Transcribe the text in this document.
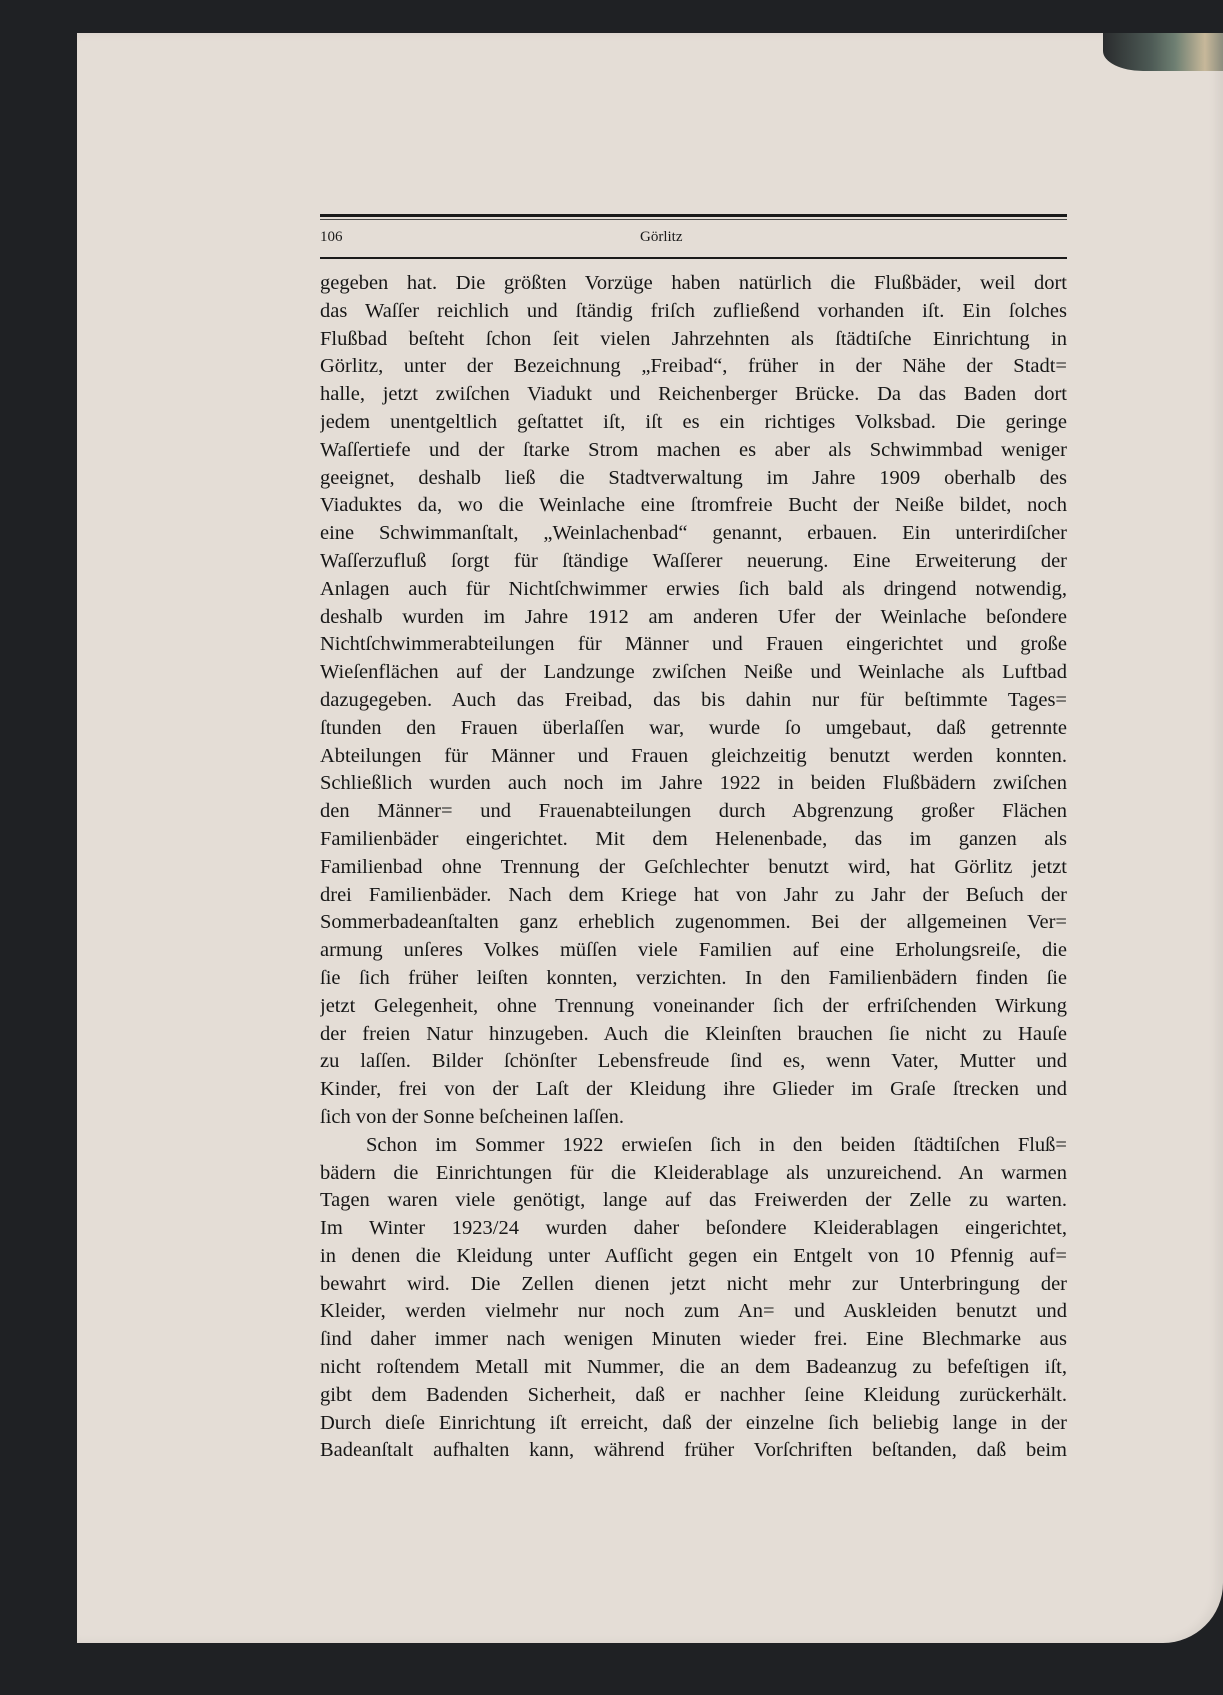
106	Görlitz
gegeben hat. Die größten Vorzüge haben natürlich die Flußbäder, weil dort
das Waſſer reichlich und ſtändig friſch zufließend vorhanden iſt. Ein ſolches
Flußbad beſteht ſchon ſeit vielen Jahrzehnten als ſtädtiſche Einrichtung in
Görlitz, unter der Bezeichnung „Freibad“, früher in der Nähe der Stadt=
halle, jetzt zwiſchen Viadukt und Reichenberger Brücke. Da das Baden dort
jedem unentgeltlich geſtattet iſt, iſt es ein richtiges Volksbad. Die geringe
Waſſertiefe und der ſtarke Strom machen es aber als Schwimmbad weniger
geeignet, deshalb ließ die Stadtverwaltung im Jahre 1909 oberhalb des
Viaduktes da, wo die Weinlache eine ſtromfreie Bucht der Neiße bildet, noch
eine Schwimmanſtalt, „Weinlachenbad“ genannt, erbauen. Ein unterirdiſcher
Waſſerzufluß ſorgt für ſtändige Waſſerer neuerung. Eine Erweiterung der
Anlagen auch für Nichtſchwimmer erwies ſich bald als dringend notwendig,
deshalb wurden im Jahre 1912 am anderen Ufer der Weinlache beſondere
Nichtſchwimmerabteilungen für Männer und Frauen eingerichtet und große
Wieſenflächen auf der Landzunge zwiſchen Neiße und Weinlache als Luftbad
dazugegeben. Auch das Freibad, das bis dahin nur für beſtimmte Tages=
ſtunden den Frauen überlaſſen war, wurde ſo umgebaut, daß getrennte
Abteilungen für Männer und Frauen gleichzeitig benutzt werden konnten.
Schließlich wurden auch noch im Jahre 1922 in beiden Flußbädern zwiſchen
den Männer= und Frauenabteilungen durch Abgrenzung großer Flächen
Familienbäder eingerichtet. Mit dem Helenenbade, das im ganzen als
Familienbad ohne Trennung der Geſchlechter benutzt wird, hat Görlitz jetzt
drei Familienbäder. Nach dem Kriege hat von Jahr zu Jahr der Beſuch der
Sommerbadeanſtalten ganz erheblich zugenommen. Bei der allgemeinen Ver=
armung unſeres Volkes müſſen viele Familien auf eine Erholungsreiſe, die
ſie ſich früher leiſten konnten, verzichten. In den Familienbädern finden ſie
jetzt Gelegenheit, ohne Trennung voneinander ſich der erfriſchenden Wirkung
der freien Natur hinzugeben. Auch die Kleinſten brauchen ſie nicht zu Hauſe
zu laſſen. Bilder ſchönſter Lebensfreude ſind es, wenn Vater, Mutter und
Kinder, frei von der Laſt der Kleidung ihre Glieder im Graſe ſtrecken und
ſich von der Sonne beſcheinen laſſen.
Schon im Sommer 1922 erwieſen ſich in den beiden ſtädtiſchen Fluß=
bädern die Einrichtungen für die Kleiderablage als unzureichend. An warmen
Tagen waren viele genötigt, lange auf das Freiwerden der Zelle zu warten.
Im Winter 1923/24 wurden daher beſondere Kleiderablagen eingerichtet,
in denen die Kleidung unter Aufſicht gegen ein Entgelt von 10 Pfennig auf=
bewahrt wird. Die Zellen dienen jetzt nicht mehr zur Unterbringung der
Kleider, werden vielmehr nur noch zum An= und Auskleiden benutzt und
ſind daher immer nach wenigen Minuten wieder frei. Eine Blechmarke aus
nicht roſtendem Metall mit Nummer, die an dem Badeanzug zu befeſtigen iſt,
gibt dem Badenden Sicherheit, daß er nachher ſeine Kleidung zurückerhält.
Durch dieſe Einrichtung iſt erreicht, daß der einzelne ſich beliebig lange in der
Badeanſtalt aufhalten kann, während früher Vorſchriften beſtanden, daß beim
